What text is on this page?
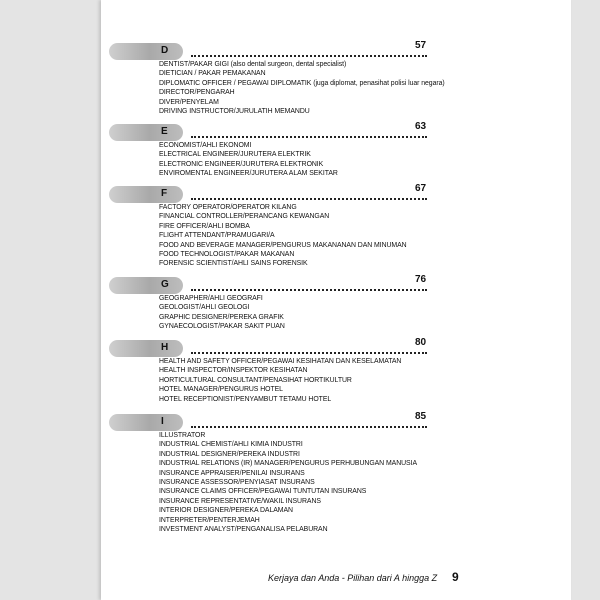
D	57
DENTIST/PAKAR GIGI (also dental surgeon, dental specialist)
DIETICIAN / PAKAR PEMAKANAN
DIPLOMATIC OFFICER / PEGAWAI DIPLOMATIK (juga diplomat, penasihat polisi luar negara)
DIRECTOR/PENGARAH
DIVER/PENYELAM
DRIVING INSTRUCTOR/JURULATIH MEMANDU
E	63
ECONOMIST/AHLI EKONOMI
ELECTRICAL ENGINEER/JURUTERA ELEKTRIK
ELECTRONIC ENGINEER/JURUTERA ELEKTRONIK
ENVIROMENTAL ENGINEER/JURUTERA ALAM SEKITAR
F	67
FACTORY OPERATOR/OPERATOR KILANG
FINANCIAL CONTROLLER/PERANCANG KEWANGAN
FIRE OFFICER/AHLI BOMBA
FLIGHT ATTENDANT/PRAMUGARI/A
FOOD AND BEVERAGE MANAGER/PENGURUS MAKANANAN DAN MINUMAN
FOOD TECHNOLOGIST/PAKAR MAKANAN
FORENSIC SCIENTIST/AHLI SAINS FORENSIK
G	76
GEOGRAPHER/AHLI GEOGRAFI
GEOLOGIST/AHLI GEOLOGI
GRAPHIC DESIGNER/PEREKA GRAFIK
GYNAECOLOGIST/PAKAR SAKIT PUAN
H	80
HEALTH AND SAFETY OFFICER/PEGAWAI KESIHATAN DAN KESELAMATAN
HEALTH INSPECTOR/INSPEKTOR KESIHATAN
HORTICULTURAL CONSULTANT/PENASIHAT HORTIKULTUR
HOTEL MANAGER/PENGURUS HOTEL
HOTEL RECEPTIONIST/PENYAMBUT TETAMU HOTEL
I	85
ILLUSTRATOR
INDUSTRIAL CHEMIST/AHLI KIMIA INDUSTRI
INDUSTRIAL DESIGNER/PEREKA INDUSTRI
INDUSTRIAL RELATIONS (IR) MANAGER/PENGURUS PERHUBUNGAN MANUSIA
INSURANCE APPRAISER/PENILAI INSURANS
INSURANCE ASSESSOR/PENYIASAT INSURANS
INSURANCE CLAIMS OFFICER/PEGAWAI TUNTUTAN INSURANS
INSURANCE REPRESENTATIVE/WAKIL INSURANS
INTERIOR DESIGNER/PEREKA DALAMAN
INTERPRETER/PENTERJEMAH
INVESTMENT ANALYST/PENGANALISA PELABURAN
Kerjaya dan Anda - Pilihan dari A hingga Z 9
